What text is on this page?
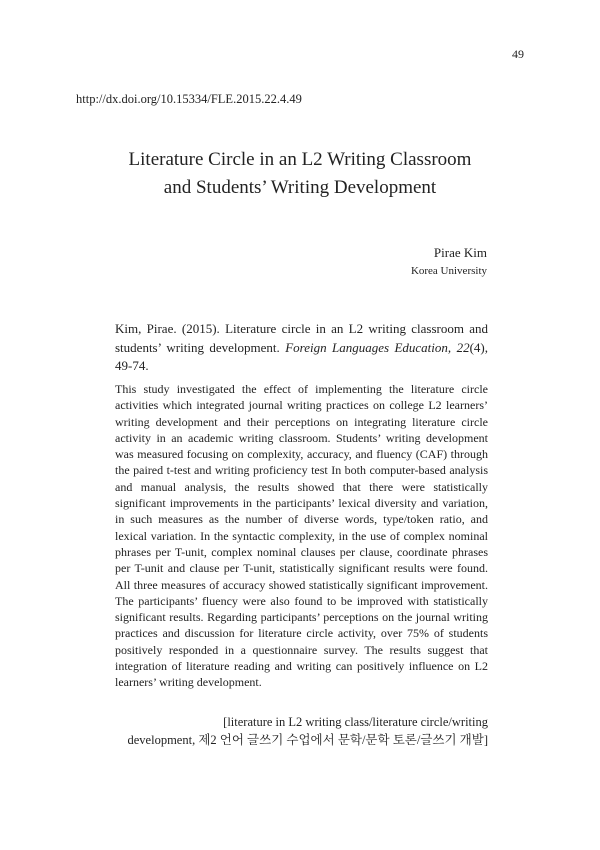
49
http://dx.doi.org/10.15334/FLE.2015.22.4.49
Literature Circle in an L2 Writing Classroom
and Students’ Writing Development
Pirae Kim
Korea University
Kim, Pirae. (2015). Literature circle in an L2 writing classroom and students’ writing development. Foreign Languages Education, 22(4), 49-74.
This study investigated the effect of implementing the literature circle activities which integrated journal writing practices on college L2 learners’ writing development and their perceptions on integrating literature circle activity in an academic writing classroom. Students’ writing development was measured focusing on complexity, accuracy, and fluency (CAF) through the paired t-test and writing proficiency test In both computer-based analysis and manual analysis, the results showed that there were statistically significant improvements in the participants’ lexical diversity and variation, in such measures as the number of diverse words, type/token ratio, and lexical variation. In the syntactic complexity, in the use of complex nominal phrases per T-unit, complex nominal clauses per clause, coordinate phrases per T-unit and clause per T-unit, statistically significant results were found. All three measures of accuracy showed statistically significant improvement. The participants’ fluency were also found to be improved with statistically significant results. Regarding participants’ perceptions on the journal writing practices and discussion for literature circle activity, over 75% of students positively responded in a questionnaire survey. The results suggest that integration of literature reading and writing can positively influence on L2 learners’ writing development.
[literature in L2 writing class/literature circle/writing
development, 제2 언어 글쓰기 수업에서 문학/문학 토론/글쓰기 개발]
